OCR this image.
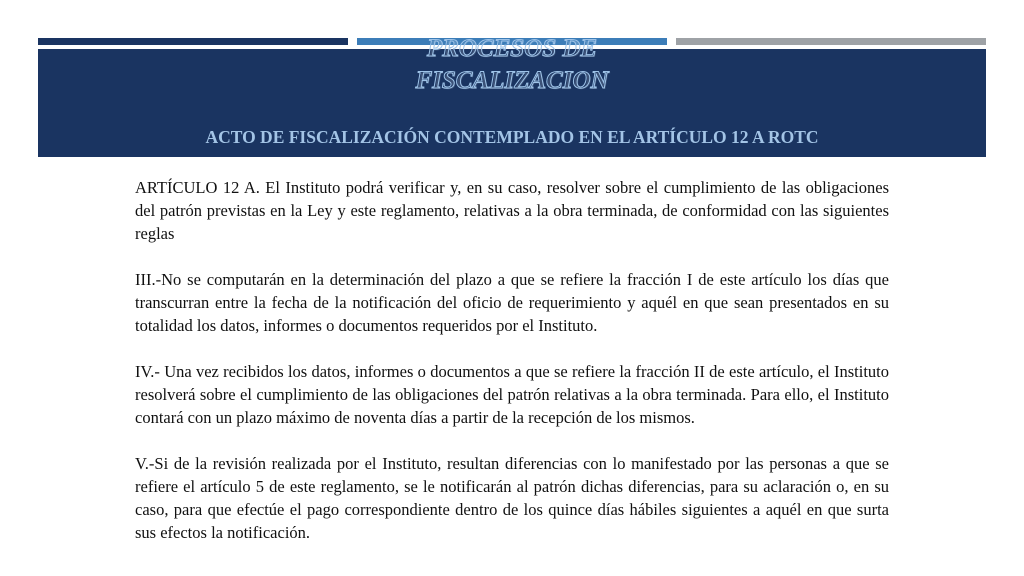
PROCESOS DE FISCALIZACION
ACTO DE FISCALIZACIÓN CONTEMPLADO EN EL ARTÍCULO 12 A ROTC

ARTÍCULO 12 A. El Instituto podrá verificar y, en su caso, resolver sobre el cumplimiento de las obligaciones del patrón previstas en la Ley y este reglamento, relativas a la obra terminada, de conformidad con las siguientes reglas

III.-No se computarán en la determinación del plazo a que se refiere la fracción I de este artículo los días que transcurran entre la fecha de la notificación del oficio de requerimiento y aquél en que sean presentados en su totalidad los datos, informes o documentos requeridos por el Instituto.

IV.- Una vez recibidos los datos, informes o documentos a que se refiere la fracción II de este artículo, el Instituto resolverá sobre el cumplimiento de las obligaciones del patrón relativas a la obra terminada. Para ello, el Instituto contará con un plazo máximo de noventa días a partir de la recepción de los mismos.

V.-Si de la revisión realizada por el Instituto, resultan diferencias con lo manifestado por las personas a que se refiere el artículo 5 de este reglamento, se le notificarán al patrón dichas diferencias, para su aclaración o, en su caso, para que efectúe el pago correspondiente dentro de los quince días hábiles siguientes a aquél en que surta sus efectos la notificación.
